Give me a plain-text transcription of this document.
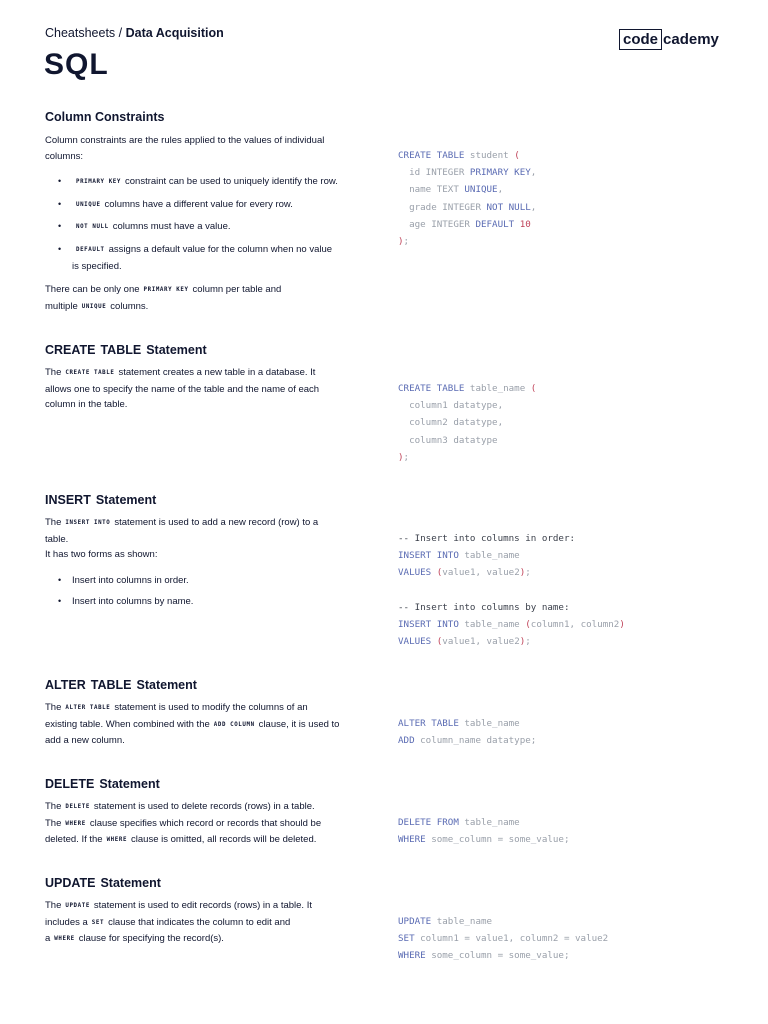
Cheatsheets / Data Acquisition
SQL
code cademy
Column Constraints

Column constraints are the rules applied to the values of individual columns:

• PRIMARY KEY constraint can be used to uniquely identify the row.
• UNIQUE columns have a different value for every row.
• NOT NULL columns must have a value.
• DEFAULT assigns a default value for the column when no value is specified.

There can be only one PRIMARY KEY column per table and multiple UNIQUE columns.

CREATE TABLE student (
id INTEGER PRIMARY KEY,
name TEXT UNIQUE,
grade INTEGER NOT NULL,
age INTEGER DEFAULT 10
);
CREATE TABLE Statement

The CREATE TABLE statement creates a new table in a database. It allows one to specify the name of the table and the name of each column in the table.

CREATE TABLE table_name (
column1 datatype,
column2 datatype,
column3 datatype
);
INSERT Statement

The INSERT INTO statement is used to add a new record (row) to a table.

It has two forms as shown:

• Insert into columns in order.
• Insert into columns by name.
-- Insert into columns in order:
INSERT INTO table_name
VALUES (value1, value2);

-- Insert into columns by name:
INSERT INTO table_name (column1, column2)
VALUES (value1, value2);
ALTER TABLE Statement

The ALTER TABLE statement is used to modify the columns of an existing table. When combined with the ADD COLUMN clause, it is used to add a new column.

ALTER TABLE table_name
ADD column_name datatype;
DELETE Statement

The DELETE statement is used to delete records (rows) in a table. The WHERE clause specifies which record or records that should be deleted. If the WHERE clause is omitted, all records will be deleted.

DELETE FROM table_name
WHERE some_column = some_value;
UPDATE Statement

The UPDATE statement is used to edit records (rows) in a table. It includes a SET clause that indicates the column to edit and a WHERE clause for specifying the record(s).

UPDATE table_name
SET column1 = value1, column2 = value2
WHERE some_column = some_value;
